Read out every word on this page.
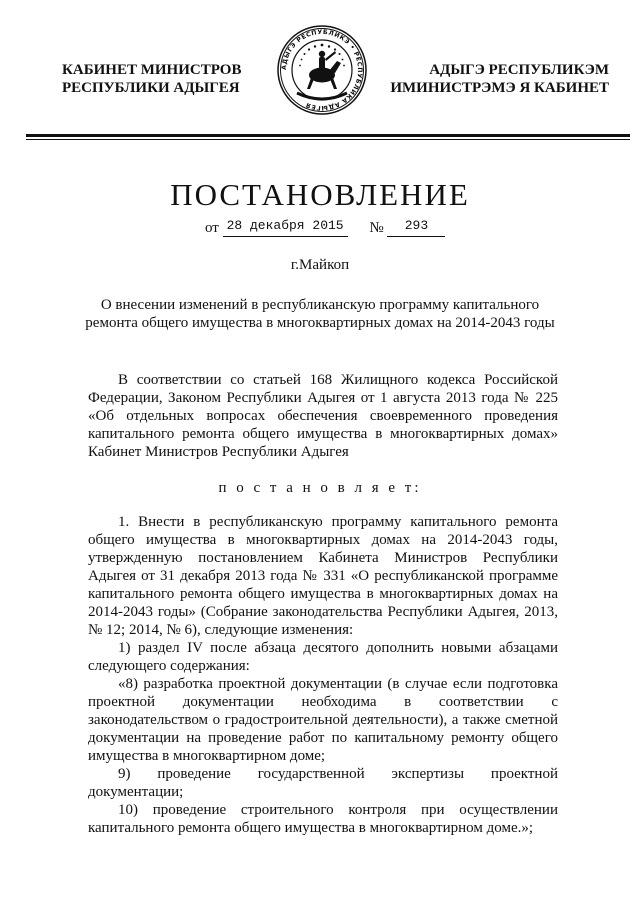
КАБИНЕТ МИНИСТРОВ
РЕСПУБЛИКИ АДЫГЕЯ
АДЫГЭ РЕСПУБЛИКЭ • РЕСПУБЛИКА АДЫГЕЯ
АДЫГЭ РЕСПУБЛИКЭМ
ИМИНИСТРЭМЭ Я КАБИНЕТ
ПОСТАНОВЛЕНИЕ
от 28 декабря 2015 № 293
г.Майкоп
О внесении изменений в республиканскую программу капитального
ремонта общего имущества в многоквартирных домах на 2014-2043 годы

В соответствии со статьей 168 Жилищного кодекса Российской Федерации, Законом Республики Адыгея от 1 августа 2013 года № 225 «Об отдельных вопросах обеспечения своевременного проведения капитального ремонта общего имущества в многоквартирных домах» Кабинет Министров Республики Адыгея

п о с т а н о в л я е т:

1. Внести в республиканскую программу капитального ремонта общего имущества в многоквартирных домах на 2014-2043 годы, утвержденную постановлением Кабинета Министров Республики Адыгея от 31 декабря 2013 года № 331 «О республиканской программе капитального ремонта общего имущества в многоквартирных домах на 2014-2043 годы» (Собрание законодательства Республики Адыгея, 2013, № 12; 2014, № 6), следующие изменения:

1) раздел IV после абзаца десятого дополнить новыми абзацами следующего содержания:

«8) разработка проектной документации (в случае если подготовка проектной документации необходима в соответствии с законодательством о градостроительной деятельности), а также сметной документации на проведение работ по капитальному ремонту общего имущества в многоквартирном доме;

9) проведение государственной экспертизы проектной документации;

10) проведение строительного контроля при осуществлении капитального ремонта общего имущества в многоквартирном доме.»;
